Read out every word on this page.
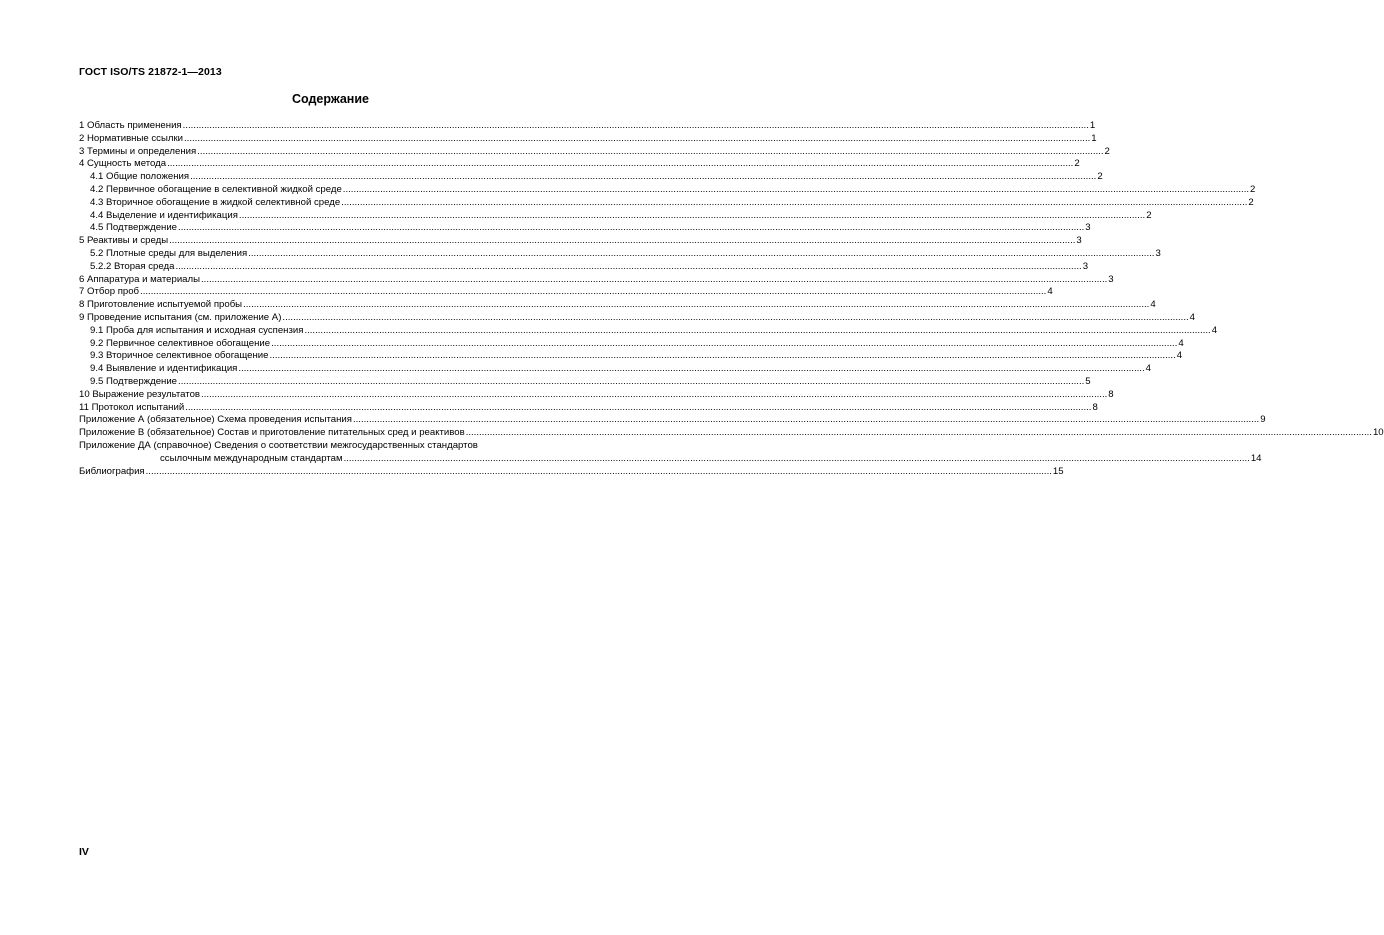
ГОСТ ISO/TS 21872-1—2013
Содержание
1 Область применения .....	1
2 Нормативные ссылки .....	1
3 Термины и определения .....	2
4 Сущность метода .....	2
4.1 Общие положения .....	2
4.2 Первичное обогащение в селективной жидкой среде .....	2
4.3 Вторичное обогащение в жидкой селективной среде .....	2
4.4 Выделение и идентификация .....	2
4.5 Подтверждение .....	3
5 Реактивы и среды .....	3
5.2 Плотные среды для выделения .....	3
5.2.2 Вторая среда .....	3
6 Аппаратура и материалы .....	3
7 Отбор проб .....	4
8 Приготовление испытуемой пробы .....	4
9 Проведение испытания (см. приложение А) .....	4
9.1 Проба для испытания и исходная суспензия .....	4
9.2 Первичное селективное обогащение .....	4
9.3 Вторичное селективное обогащение .....	4
9.4 Выявление и идентификация .....	4
9.5 Подтверждение .....	5
10 Выражение результатов .....	8
11 Протокол испытаний .....	8
Приложение А (обязательное) Схема проведения испытания .....	9
Приложение В (обязательное) Состав и приготовление питательных сред и реактивов .....	10
Приложение ДА (справочное) Сведения о соответствии межгосударственных стандартов
ссылочным международным стандартам .....	14
Библиография .....	15
IV
